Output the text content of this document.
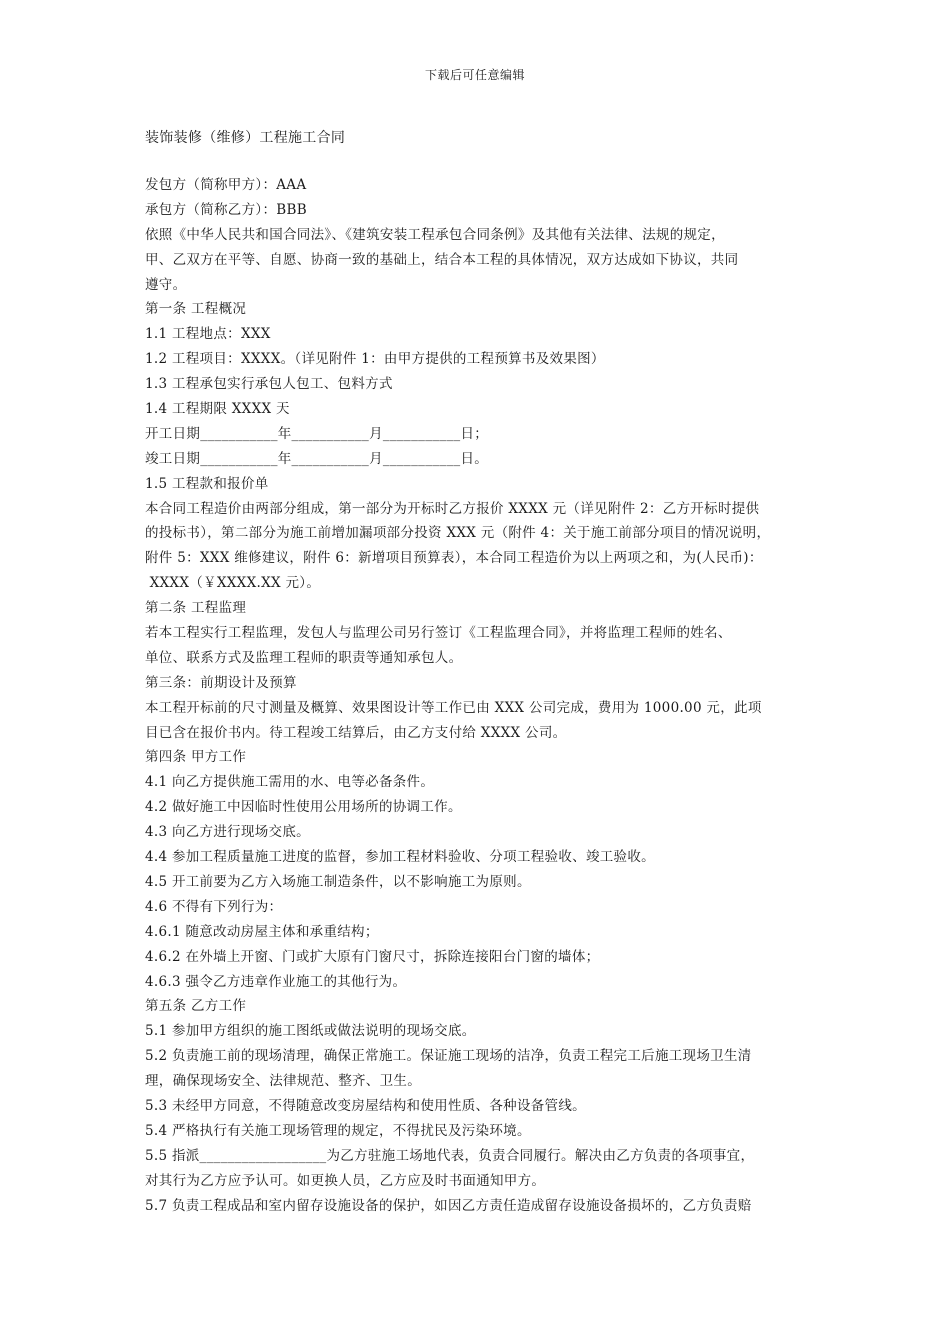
下载后可任意编辑
装饰装修（维修）工程施工合同
发包方（简称甲方）：AAA
承包方（简称乙方）：BBB
依照《中华人民共和国合同法》、《建筑安装工程承包合同条例》及其他有关法律、法规的规定，
甲、乙双方在平等、自愿、协商一致的基础上，结合本工程的具体情况，双方达成如下协议，共同
遵守。
第一条 工程概况
1.1 工程地点：XXX
1.2 工程项目：XXXX。（详见附件 1：由甲方提供的工程预算书及效果图）
1.3 工程承包实行承包人包工、包料方式
1.4 工程期限 XXXX 天
开工日期___________年___________月___________日；
竣工日期___________年___________月___________日。
1.5 工程款和报价单
本合同工程造价由两部分组成，第一部分为开标时乙方报价 XXXX 元（详见附件 2：乙方开标时提供
的投标书），第二部分为施工前增加漏项部分投资 XXX 元（附件 4：关于施工前部分项目的情况说明，
附件 5：XXX 维修建议，附件 6：新增项目预算表），本合同工程造价为以上两项之和，为(人民币)：
XXXX（￥XXXX.XX 元）。
第二条 工程监理
若本工程实行工程监理，发包人与监理公司另行签订《工程监理合同》，并将监理工程师的姓名、
单位、联系方式及监理工程师的职责等通知承包人。
第三条：前期设计及预算
本工程开标前的尺寸测量及概算、效果图设计等工作已由 XXX 公司完成，费用为 1000.00 元，此项
目已含在报价书内。待工程竣工结算后，由乙方支付给 XXXX 公司。
第四条 甲方工作
4.1 向乙方提供施工需用的水、电等必备条件。
4.2 做好施工中因临时性使用公用场所的协调工作。
4.3 向乙方进行现场交底。
4.4 参加工程质量施工进度的监督，参加工程材料验收、分项工程验收、竣工验收。
4.5 开工前要为乙方入场施工制造条件，以不影响施工为原则。
4.6 不得有下列行为：
4.6.1 随意改动房屋主体和承重结构；
4.6.2 在外墙上开窗、门或扩大原有门窗尺寸，拆除连接阳台门窗的墙体；
4.6.3 强令乙方违章作业施工的其他行为。
第五条 乙方工作
5.1 参加甲方组织的施工图纸或做法说明的现场交底。
5.2 负责施工前的现场清理，确保正常施工。保证施工现场的洁净，负责工程完工后施工现场卫生清
理，确保现场安全、法律规范、整齐、卫生。
5.3 未经甲方同意，不得随意改变房屋结构和使用性质、各种设备管线。
5.4 严格执行有关施工现场管理的规定，不得扰民及污染环境。
5.5 指派__________________为乙方驻施工场地代表，负责合同履行。解决由乙方负责的各项事宜，
对其行为乙方应予认可。如更换人员，乙方应及时书面通知甲方。
5.7 负责工程成品和室内留存设施设备的保护，如因乙方责任造成留存设施设备损坏的，乙方负责赔
